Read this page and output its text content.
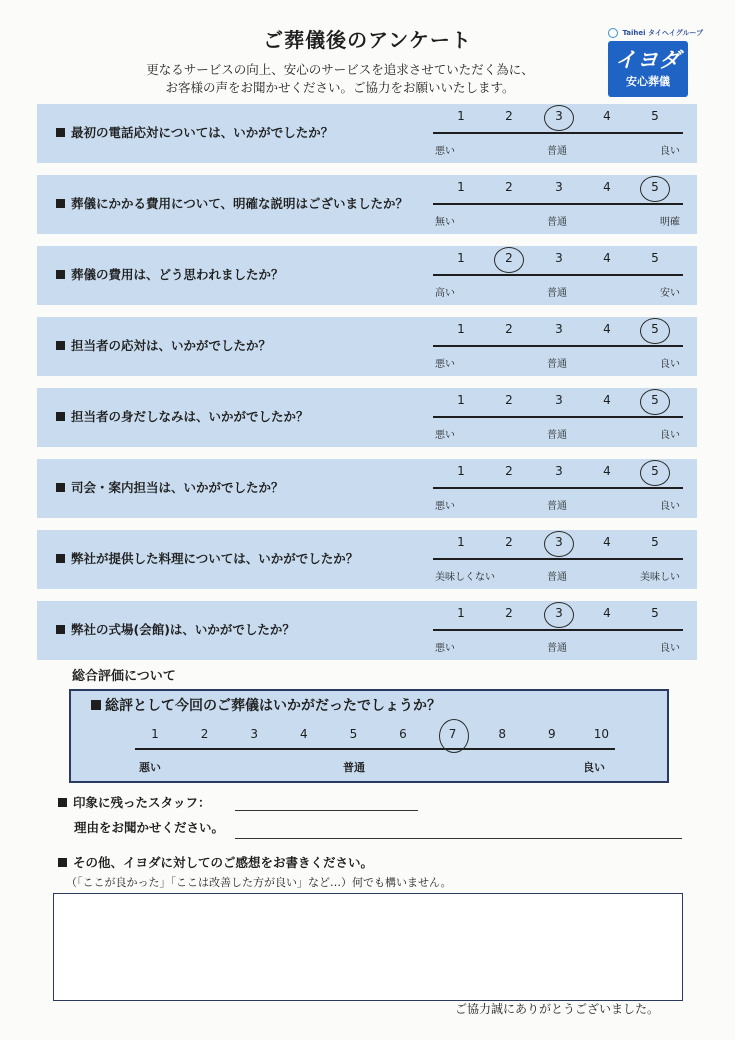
ご葬儀後のアンケート
更なるサービスの向上、安心のサービスを追求させていただく為に、
お客様の声をお聞かせください。ご協力をお願いいたします。
Taihei タイヘイグループ
イヨダ
安心葬儀
最初の電話応対については、いかがでしたか？
1	2	3	4	5
悪い	普通	良い
葬儀にかかる費用について、明確な説明はございましたか？
1	2	3	4	5
無い	普通	明確
葬儀の費用は、どう思われましたか？
1	2	3	4	5
高い	普通	安い
担当者の応対は、いかがでしたか？
1	2	3	4	5
悪い	普通	良い
担当者の身だしなみは、いかがでしたか？
1	2	3	4	5
悪い	普通	良い
司会・案内担当は、いかがでしたか？
1	2	3	4	5
悪い	普通	良い
弊社が提供した料理については、いかがでしたか？
1	2	3	4	5
美味しくない	普通	美味しい
弊社の式場(会館)は、いかがでしたか？
1	2	3	4	5
悪い	普通	良い
総合評価について
総評として今回のご葬儀はいかがだったでしょうか？
悪い	普通	良い
1	2	3	4	5	6	7	8	9	10
印象に残ったスタッフ：
理由をお聞かせください。
その他、イヨダに対してのご感想をお書きください。
（「ここが良かった」「ここは改善した方が良い」など…）何でも構いません。
ご協力誠にありがとうございました。
